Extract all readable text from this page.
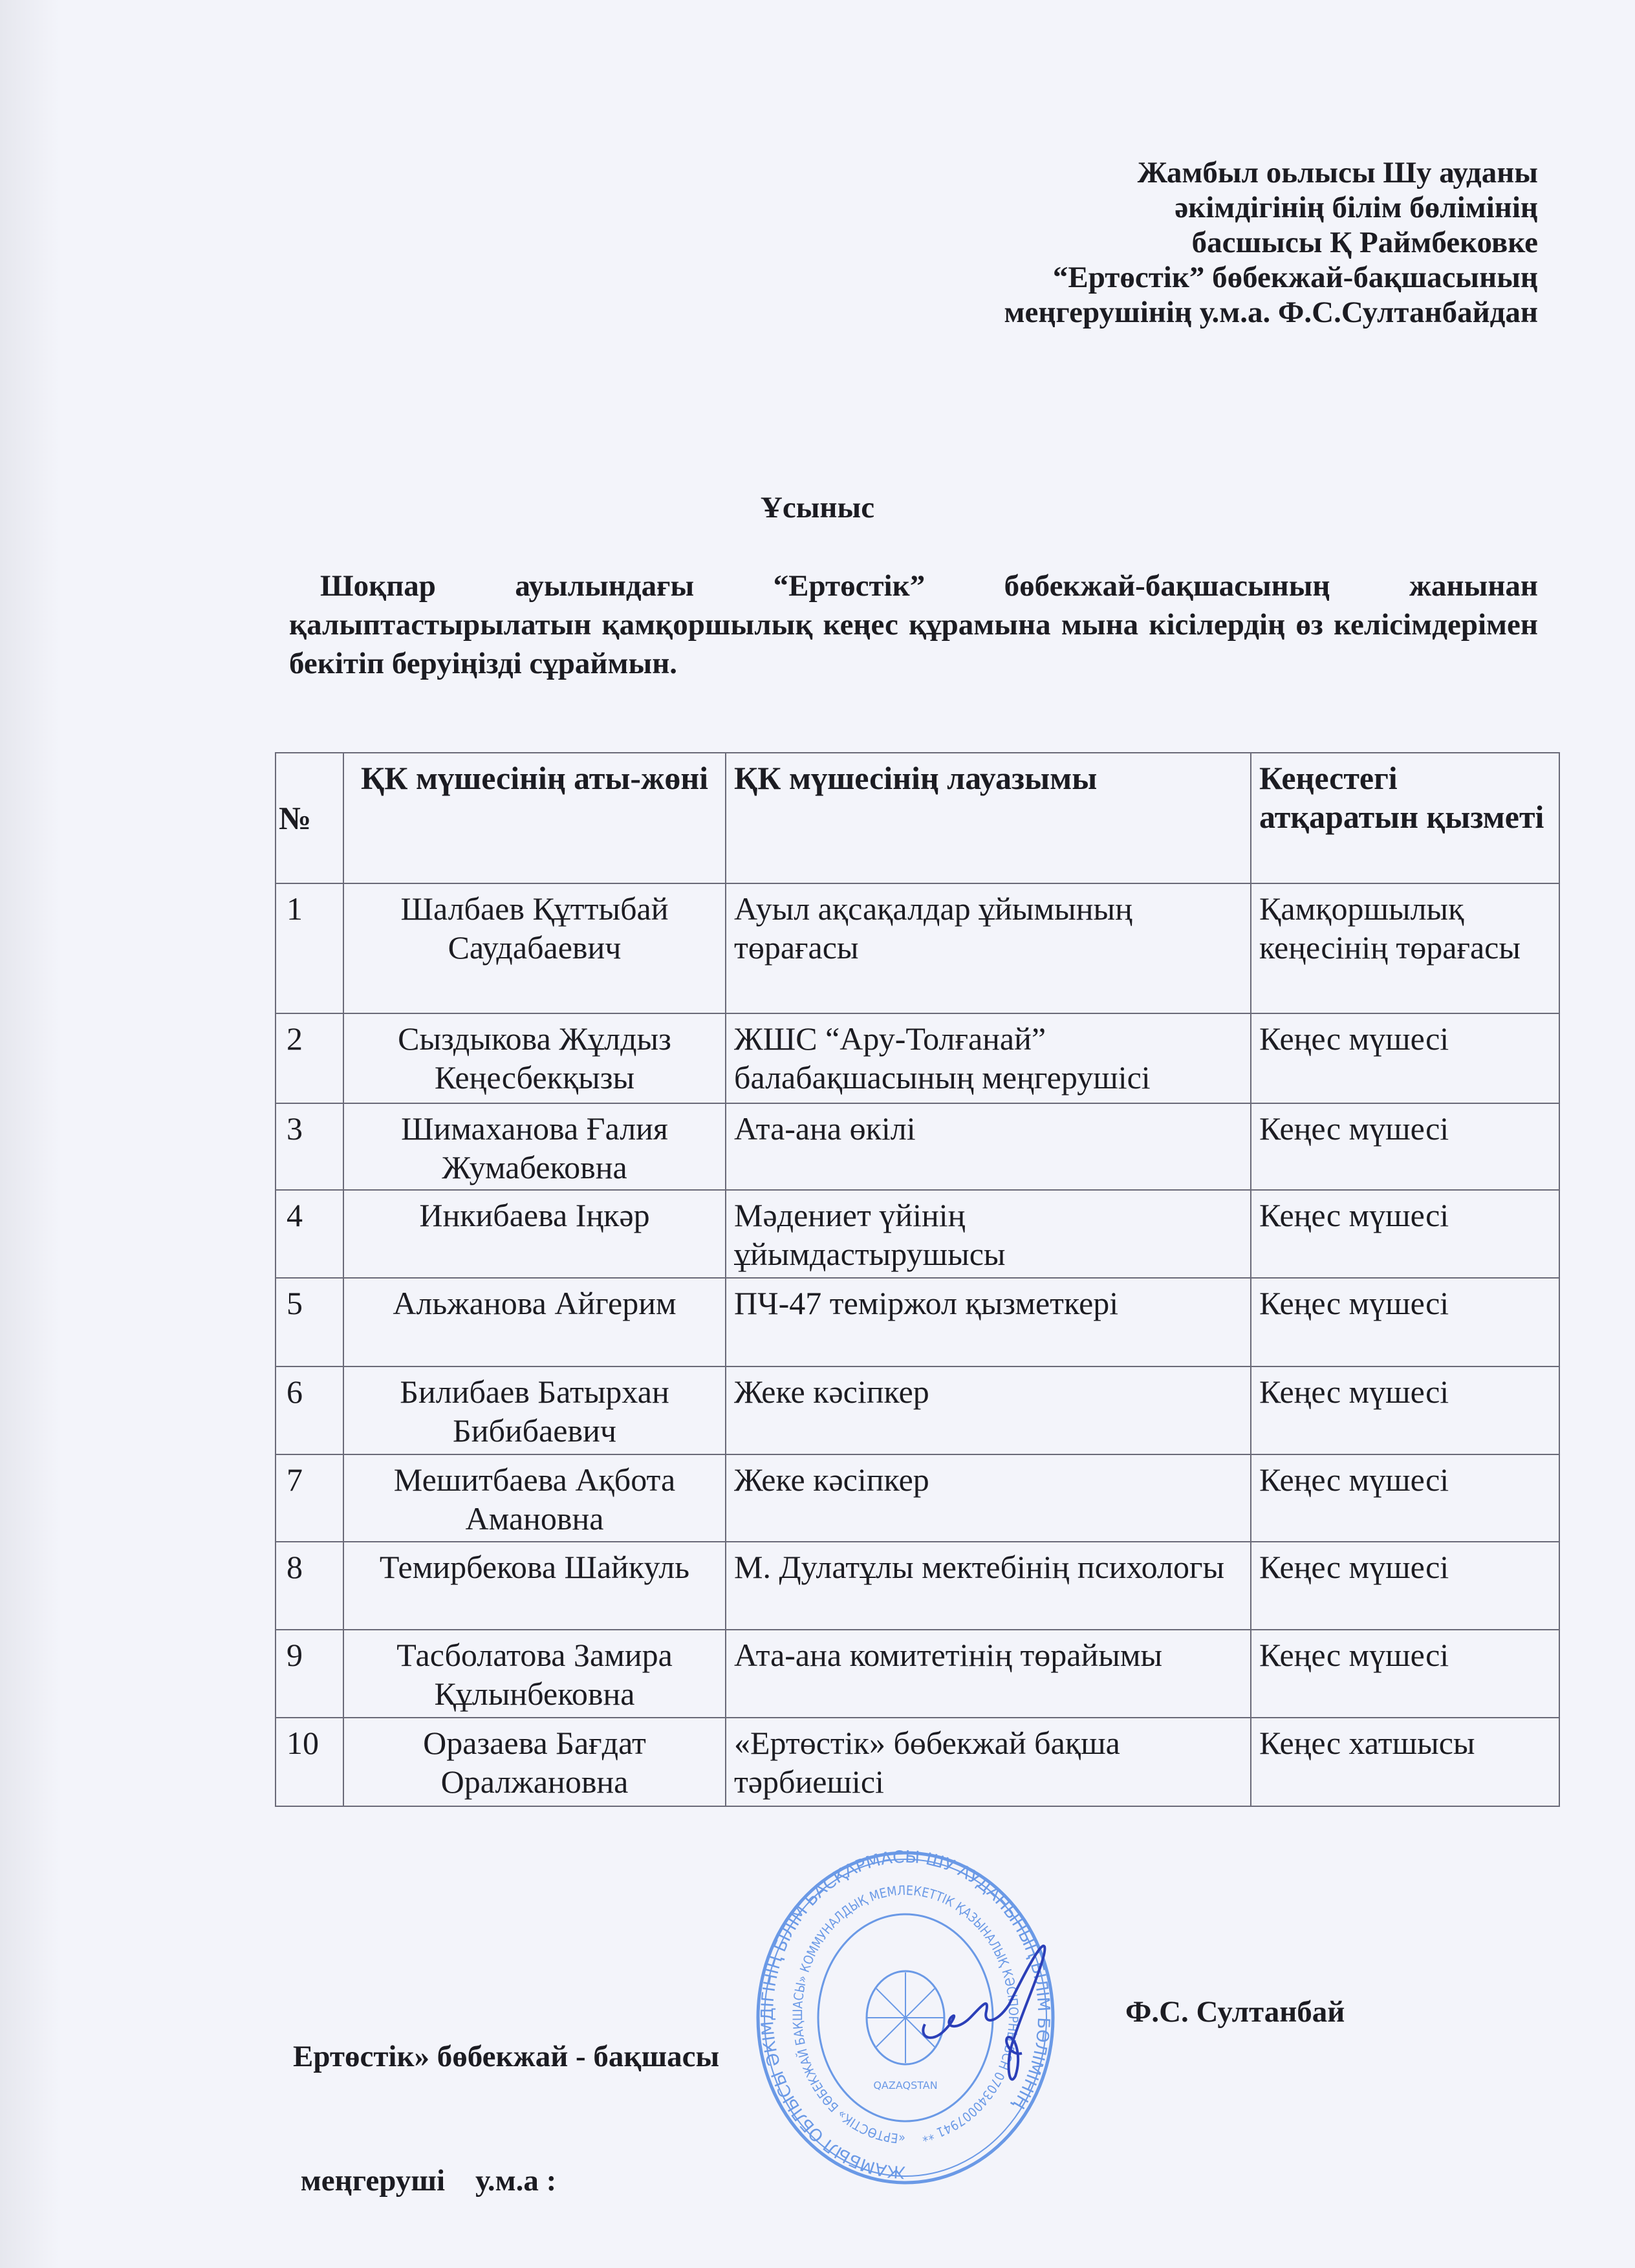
Жамбыл оьлысы Шу ауданы
әкімдігінің білім бөлімінің
басшысы Қ Раймбековке
“Ертөстік” бөбекжай-бақшасының
меңгерушінің у.м.а. Ф.С.Султанбайдан
Ұсыныс
Шоқпар ауылындағы “Ертөстік” бөбекжай-бақшасының жанынан қалыптастырылатын қамқоршылық кеңес құрамына мына кісілердің өз келісімдерімен бекітіп беруіңізді сұраймын.
№	ҚК мүшесінің аты-жөні	ҚК мүшесінің лауазымы	Кеңестегі атқаратын қызметі
1	Шалбаев Құттыбай Саудабаевич	Ауыл ақсақалдар ұйымының төрағасы	Қамқоршылық кеңесінің төрағасы
2	Сыздыкова Жұлдыз Кеңесбекқызы	ЖШС “Ару-Толғанай” балабақшасының меңгерушісі	Кеңес мүшесі
3	Шимаханова Ғалия Жумабековна	Ата-ана өкілі	Кеңес мүшесі
4	Инкибаева Іңкәр	Мәдениет үйінің ұйымдастырушысы	Кеңес мүшесі
5	Альжанова Айгерим	ПЧ-47 теміржол қызметкері	Кеңес мүшесі
6	Билибаев Батырхан Бибибаевич	Жеке кәсіпкер	Кеңес мүшесі
7	Мешитбаева Ақбота Амановна	Жеке кәсіпкер	Кеңес мүшесі
8	Темирбекова Шайкуль	М. Дулатұлы мектебінің психологы	Кеңес мүшесі
9	Тасболатова Замира Құлынбековна	Ата-ана комитетінің төрайымы	Кеңес мүшесі
10	Оразаева Бағдат Оралжановна	«Ертөстік» бөбекжай бақша тәрбиешісі	Кеңес хатшысы

Ертөстік» бөбекжай - бақшасы

меңгеруші    у.м.а :	ЖАМБЫЛ ОБЛЫСЫ ӘКІМДІГІНІҢ БІЛІМ БАСҚАРМАСЫ ШУ АУДАНЫНЫҢ БІЛІМ БӨЛІМІНІҢ
«ЕРТӨСТІК» БӨБЕКЖАЙ БАҚШАСЫ» КОММУНАЛДЫҚ МЕМЛЕКЕТТІК ҚАЗЫНАЛЫҚ КӘСІПОРНЫ БСН 070340007941 **
QAZAQSTAN
Ф.С. Султанбай
